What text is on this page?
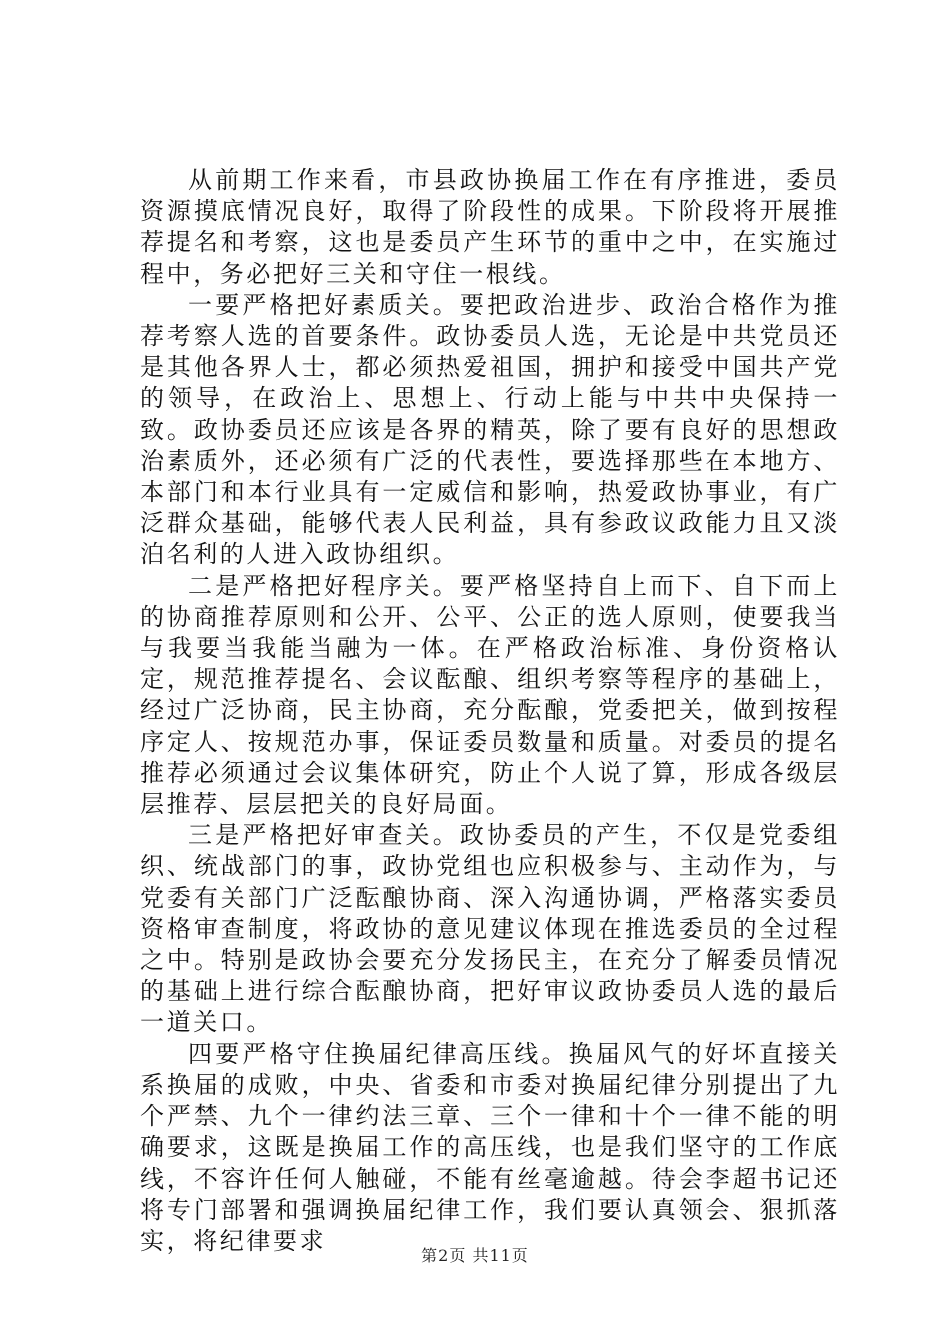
从前期工作来看，市县政协换届工作在有序推进，委员资源摸底情况良好，取得了阶段性的成果。下阶段将开展推荐提名和考察，这也是委员产生环节的重中之中，在实施过程中，务必把好三关和守住一根线。

一要严格把好素质关。要把政治进步、政治合格作为推荐考察人选的首要条件。政协委员人选，无论是中共党员还是其他各界人士，都必须热爱祖国，拥护和接受中国共产党的领导，在政治上、思想上、行动上能与中共中央保持一致。政协委员还应该是各界的精英，除了要有良好的思想政治素质外，还必须有广泛的代表性，要选择那些在本地方、本部门和本行业具有一定威信和影响，热爱政协事业，有广泛群众基础，能够代表人民利益，具有参政议政能力且又淡泊名利的人进入政协组织。

二是严格把好程序关。要严格坚持自上而下、自下而上的协商推荐原则和公开、公平、公正的选人原则，使要我当与我要当我能当融为一体。在严格政治标准、身份资格认定，规范推荐提名、会议酝酿、组织考察等程序的基础上，经过广泛协商，民主协商，充分酝酿，党委把关，做到按程序定人、按规范办事，保证委员数量和质量。对委员的提名推荐必须通过会议集体研究，防止个人说了算，形成各级层层推荐、层层把关的良好局面。

三是严格把好审查关。政协委员的产生，不仅是党委组织、统战部门的事，政协党组也应积极参与、主动作为，与党委有关部门广泛酝酿协商、深入沟通协调，严格落实委员资格审查制度，将政协的意见建议体现在推选委员的全过程之中。特别是政协会要充分发扬民主，在充分了解委员情况的基础上进行综合酝酿协商，把好审议政协委员人选的最后一道关口。

四要严格守住换届纪律高压线。换届风气的好坏直接关系换届的成败，中央、省委和市委对换届纪律分别提出了九个严禁、九个一律约法三章、三个一律和十个一律不能的明确要求，这既是换届工作的高压线，也是我们坚守的工作底线，不容许任何人触碰，不能有丝毫逾越。待会李超书记还将专门部署和强调换届纪律工作，我们要认真领会、狠抓落实，将纪律要求

第2页 共11页
